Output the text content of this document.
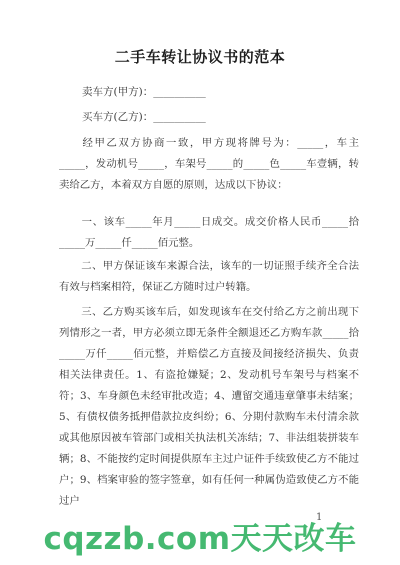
二手车转让协议书的范本
卖车方(甲方)：__________
买车方(乙方)：__________
经甲乙双方协商一致，甲方现将牌号为：_____，车主_____，发动机号_____，车架号_____的_____色_____车壹辆，转卖给乙方，本着双方自愿的原则，达成以下协议：
一、该车_____年月_____日成交。成交价格人民币_____拾_____万_____仟_____佰元整。
二、甲方保证该车来源合法，该车的一切证照手续齐全合法有效与档案相符，保证乙方随时过户转籍。
三、乙方购买该车后，如发现该车在交付给乙方之前出现下列情形之一者，甲方必须立即无条件全额退还乙方购车款_____拾_____万仟_____佰元整，并赔偿乙方直接及间接经济损失、负责相关法律责任。1、有盗抢嫌疑；2、发动机号车架号与档案不符；3、车身颜色未经审批改造；4、遭留交通违章肇事未结案；5、有债权债务抵押借款拉皮纠纷；6、分期付款购车未付清余款或其他原因被车管部门或相关执法机关冻结；7、非法组装拼装车辆；8、不能按约定时间提供原车主过户证件手续致使乙方不能过户；9、档案审验的签字签章，如有任何一种属伪造致使乙方不能过户
1
cqzzb.com天天改车
